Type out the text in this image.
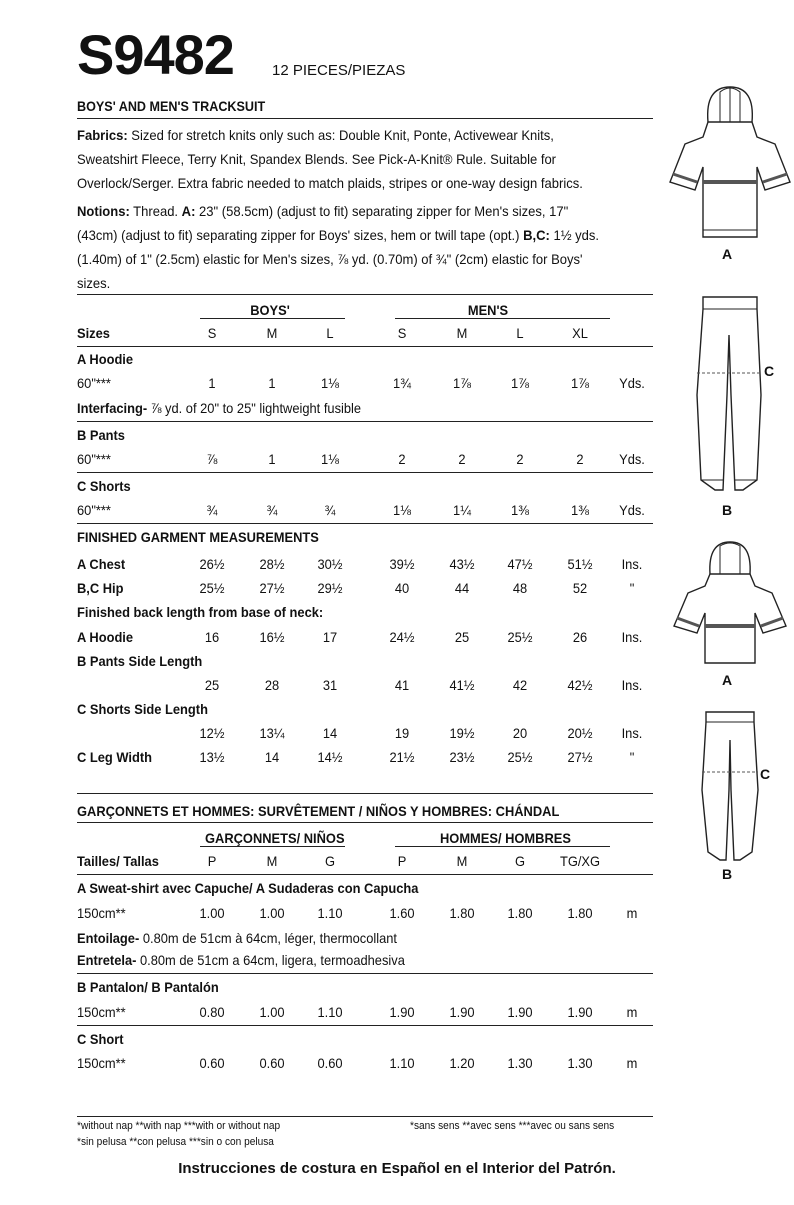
S9482	12 PIECES/PIEZAS
BOYS' AND MEN'S TRACKSUIT
Fabrics: Sized for stretch knits only such as: Double Knit, Ponte, Activewear Knits, Sweatshirt Fleece, Terry Knit, Spandex Blends. See Pick-A-Knit® Rule. Suitable for Overlock/Serger. Extra fabric needed to match plaids, stripes or one-way design fabrics.
Notions: Thread. A: 23" (58.5cm) (adjust to fit) separating zipper for Men's sizes, 17" (43cm) (adjust to fit) separating zipper for Boys' sizes, hem or twill tape (opt.) B,C: 1½ yds. (1.40m) of 1" (2.5cm) elastic for Men's sizes, ⅞ yd. (0.70m) of ¾" (2cm) elastic for Boys' sizes.
BOYS'	MEN'S
Sizes	S	M	L	S	M	L	XL
A Hoodie
60"***	1	1	1⅛	1¾	1⅞	1⅞	1⅞	Yds.
Interfacing- ⅞ yd. of 20" to 25" lightweight fusible
B Pants
60"***	⅞	1	1⅛	2	2	2	2	Yds.
C Shorts
60"***	¾	¾	¾	1⅛	1¼	1⅜	1⅜	Yds.
FINISHED GARMENT MEASUREMENTS
A Chest	26½	28½	30½	39½	43½	47½	51½	Ins.
B,C Hip	25½	27½	29½	40	44	48	52	"
Finished back length from base of neck:
A Hoodie	16	16½	17	24½	25	25½	26	Ins.
B Pants Side Length
25	28	31	41	41½	42	42½	Ins.
C Shorts Side Length
12½	13¼	14	19	19½	20	20½	Ins.
C Leg Width	13½	14	14½	21½	23½	25½	27½	"
GARÇONNETS ET HOMMES: SURVÊTEMENT / NIÑOS Y HOMBRES: CHÁNDAL
GARÇONNETS/ NIÑOS	HOMMES/ HOMBRES
Tailles/ Tallas	P	M	G	P	M	G	TG/XG
A Sweat-shirt avec Capuche/ A Sudaderas con Capucha
150cm**	1.00	1.00	1.10	1.60	1.80	1.80	1.80	m
Entoilage- 0.80m de 51cm à 64cm, léger, thermocollant
Entretela- 0.80m de 51cm a 64cm, ligera, termoadhesiva
B Pantalon/ B Pantalón
150cm**	0.80	1.00	1.10	1.90	1.90	1.90	1.90	m
C Short
150cm**	0.60	0.60	0.60	1.10	1.20	1.30	1.30	m
*without nap **with nap ***with or without nap
*sin pelusa **con pelusa ***sin o con pelusa
*sans sens **avec sens ***avec ou sans sens
Instrucciones de costura en Español en el Interior del Patrón.
A
B
C
A
B
C
